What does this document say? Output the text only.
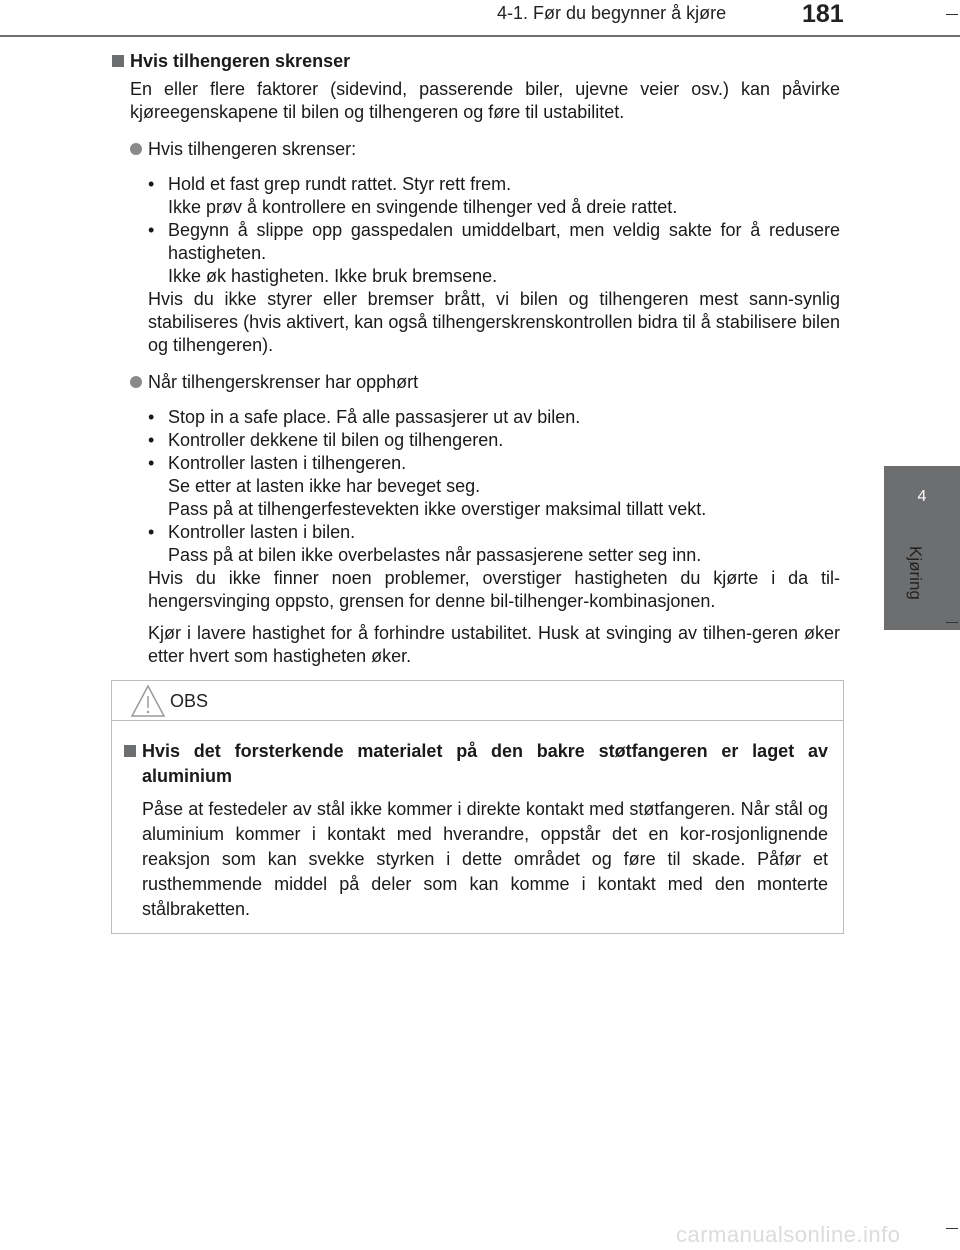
4-1. Før du begynner å kjøre	181
4
Kjøring
Hvis tilhengeren skrenser

En eller flere faktorer (sidevind, passerende biler, ujevne veier osv.) kan påvirke kjøreegenskapene til bilen og tilhengeren og føre til ustabilitet.

Hvis tilhengeren skrenser:
• Hold et fast grep rundt rattet. Styr rett frem.
Ikke prøv å kontrollere en svingende tilhenger ved å dreie rattet.
• Begynn å slippe opp gasspedalen umiddelbart, men veldig sakte for å redusere hastigheten.
Ikke øk hastigheten. Ikke bruk bremsene.

Hvis du ikke styrer eller bremser brått, vi bilen og tilhengeren mest sann-synlig stabiliseres (hvis aktivert, kan også tilhengerskrenskontrollen bidra til å stabilisere bilen og tilhengeren).

Når tilhengerskrenser har opphørt
• Stop in a safe place. Få alle passasjerer ut av bilen.
• Kontroller dekkene til bilen og tilhengeren.
• Kontroller lasten i tilhengeren.
Se etter at lasten ikke har beveget seg.
Pass på at tilhengerfestevekten ikke overstiger maksimal tillatt vekt.
• Kontroller lasten i bilen.
Pass på at bilen ikke overbelastes når passasjerene setter seg inn.

Hvis du ikke finner noen problemer, overstiger hastigheten du kjørte i da til-hengersvinging oppsto, grensen for denne bil-tilhenger-kombinasjonen.

Kjør i lavere hastighet for å forhindre ustabilitet. Husk at svinging av tilhen-geren øker etter hvert som hastigheten øker.

OBS
Hvis det forsterkende materialet på den bakre støtfangeren er laget av aluminium

Påse at festedeler av stål ikke kommer i direkte kontakt med støtfangeren. Når stål og aluminium kommer i kontakt med hverandre, oppstår det en kor-rosjonlignende reaksjon som kan svekke styrken i dette området og føre til skade. Påfør et rusthemmende middel på deler som kan komme i kontakt med den monterte stålbraketten.

carmanualsonline.info
